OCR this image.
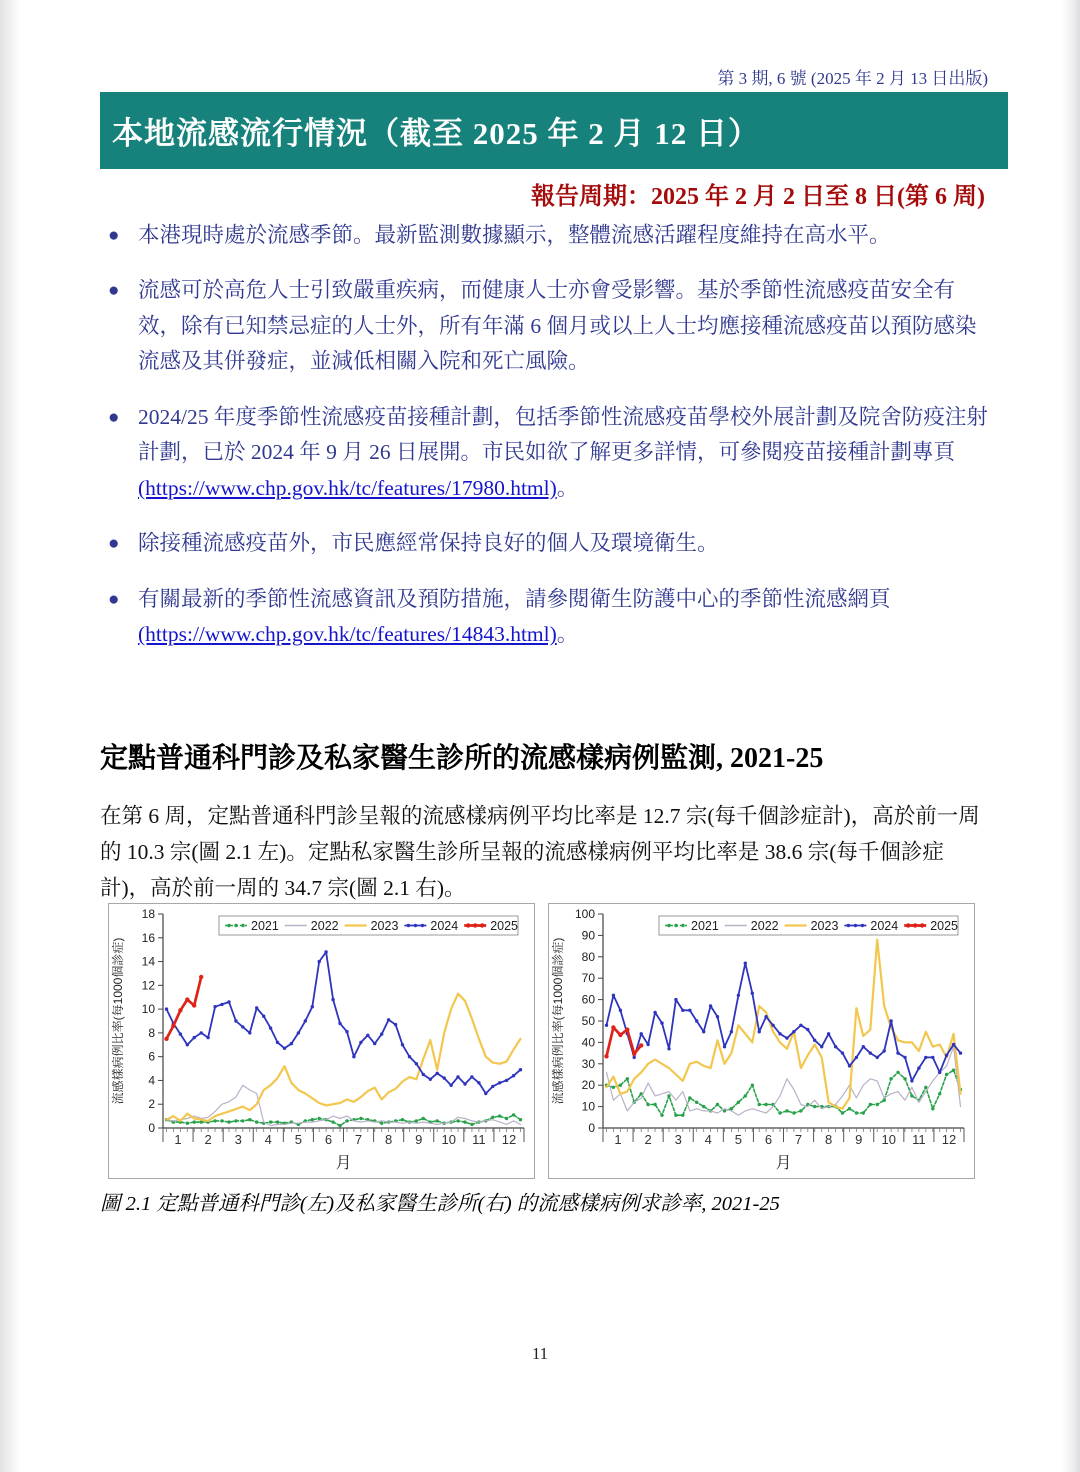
第 3 期, 6 號 (2025 年 2 月 13 日出版)
本地流感流行情況（截至 2025 年 2 月 12 日）
報告周期：2025 年 2 月 2 日至 8 日(第 6 周)
● 本港現時處於流感季節。最新監測數據顯示，整體流感活躍程度維持在高水平。
● 流感可於高危人士引致嚴重疾病，而健康人士亦會受影響。基於季節性流感疫苗安全有效，除有已知禁忌症的人士外，所有年滿 6 個月或以上人士均應接種流感疫苗以預防感染流感及其併發症，並減低相關入院和死亡風險。
● 2024/25 年度季節性流感疫苗接種計劃，包括季節性流感疫苗學校外展計劃及院舍防疫注射計劃，已於 2024 年 9 月 26 日展開。市民如欲了解更多詳情，可參閱疫苗接種計劃專頁(https://www.chp.gov.hk/tc/features/17980.html)。
● 除接種流感疫苗外，市民應經常保持良好的個人及環境衛生。
● 有關最新的季節性流感資訊及預防措施，請參閱衛生防護中心的季節性流感網頁(https://www.chp.gov.hk/tc/features/14843.html)。
定點普通科門診及私家醫生診所的流感樣病例監測, 2021-25
在第 6 周，定點普通科門診呈報的流感樣病例平均比率是 12.7 宗(每千個診症計)，高於前一周的 10.3 宗(圖 2.1 左)。定點私家醫生診所呈報的流感樣病例平均比率是 38.6 宗(每千個診症計)，高於前一周的 34.7 宗(圖 2.1 右)。
0
2
4
6
8
10
12
14
16
18
1 2 3 4 5 6 7 8 9 10 11 12
月
流感樣病例比率(每1000個診症)
2021	2022	2023	2024	2025
0
10
20
30
40
50
60
70
80
90
100
1 2 3 4 5 6 7 8 9 10 11 12
月
流感樣病例比率(每1000個診症)
2021	2022	2023	2024	2025
圖 2.1 定點普通科門診(左)及私家醫生診所(右) 的流感樣病例求診率, 2021-25
11
